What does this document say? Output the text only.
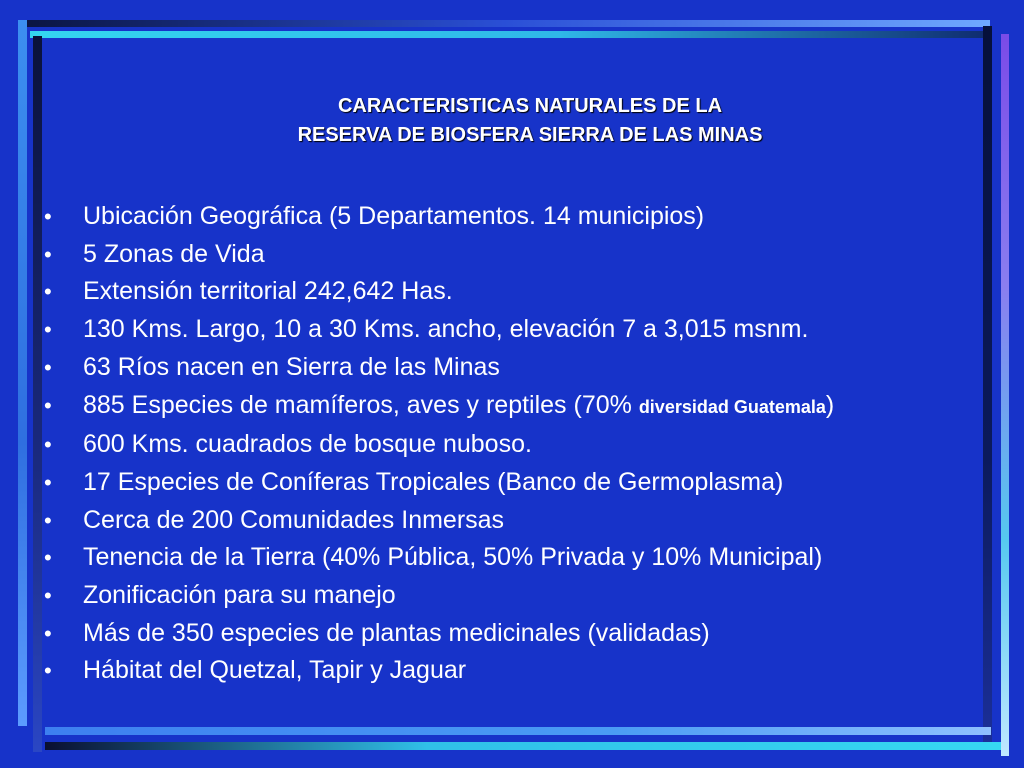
CARACTERISTICAS NATURALES DE LA
RESERVA DE BIOSFERA SIERRA DE LAS MINAS
• Ubicación Geográfica (5 Departamentos. 14 municipios)
• 5 Zonas de Vida
• Extensión territorial 242,642 Has.
• 130 Kms. Largo, 10 a 30 Kms. ancho, elevación 7 a 3,015 msnm.
• 63 Ríos nacen en Sierra de las Minas
• 885 Especies de mamíferos, aves y reptiles (70% diversidad Guatemala)
• 600 Kms. cuadrados de bosque nuboso.
• 17 Especies de Coníferas Tropicales (Banco de Germoplasma)
• Cerca de 200 Comunidades Inmersas
• Tenencia de la Tierra (40% Pública, 50% Privada y 10% Municipal)
• Zonificación para su manejo
• Más de 350 especies de plantas medicinales (validadas)
• Hábitat del Quetzal, Tapir y Jaguar
